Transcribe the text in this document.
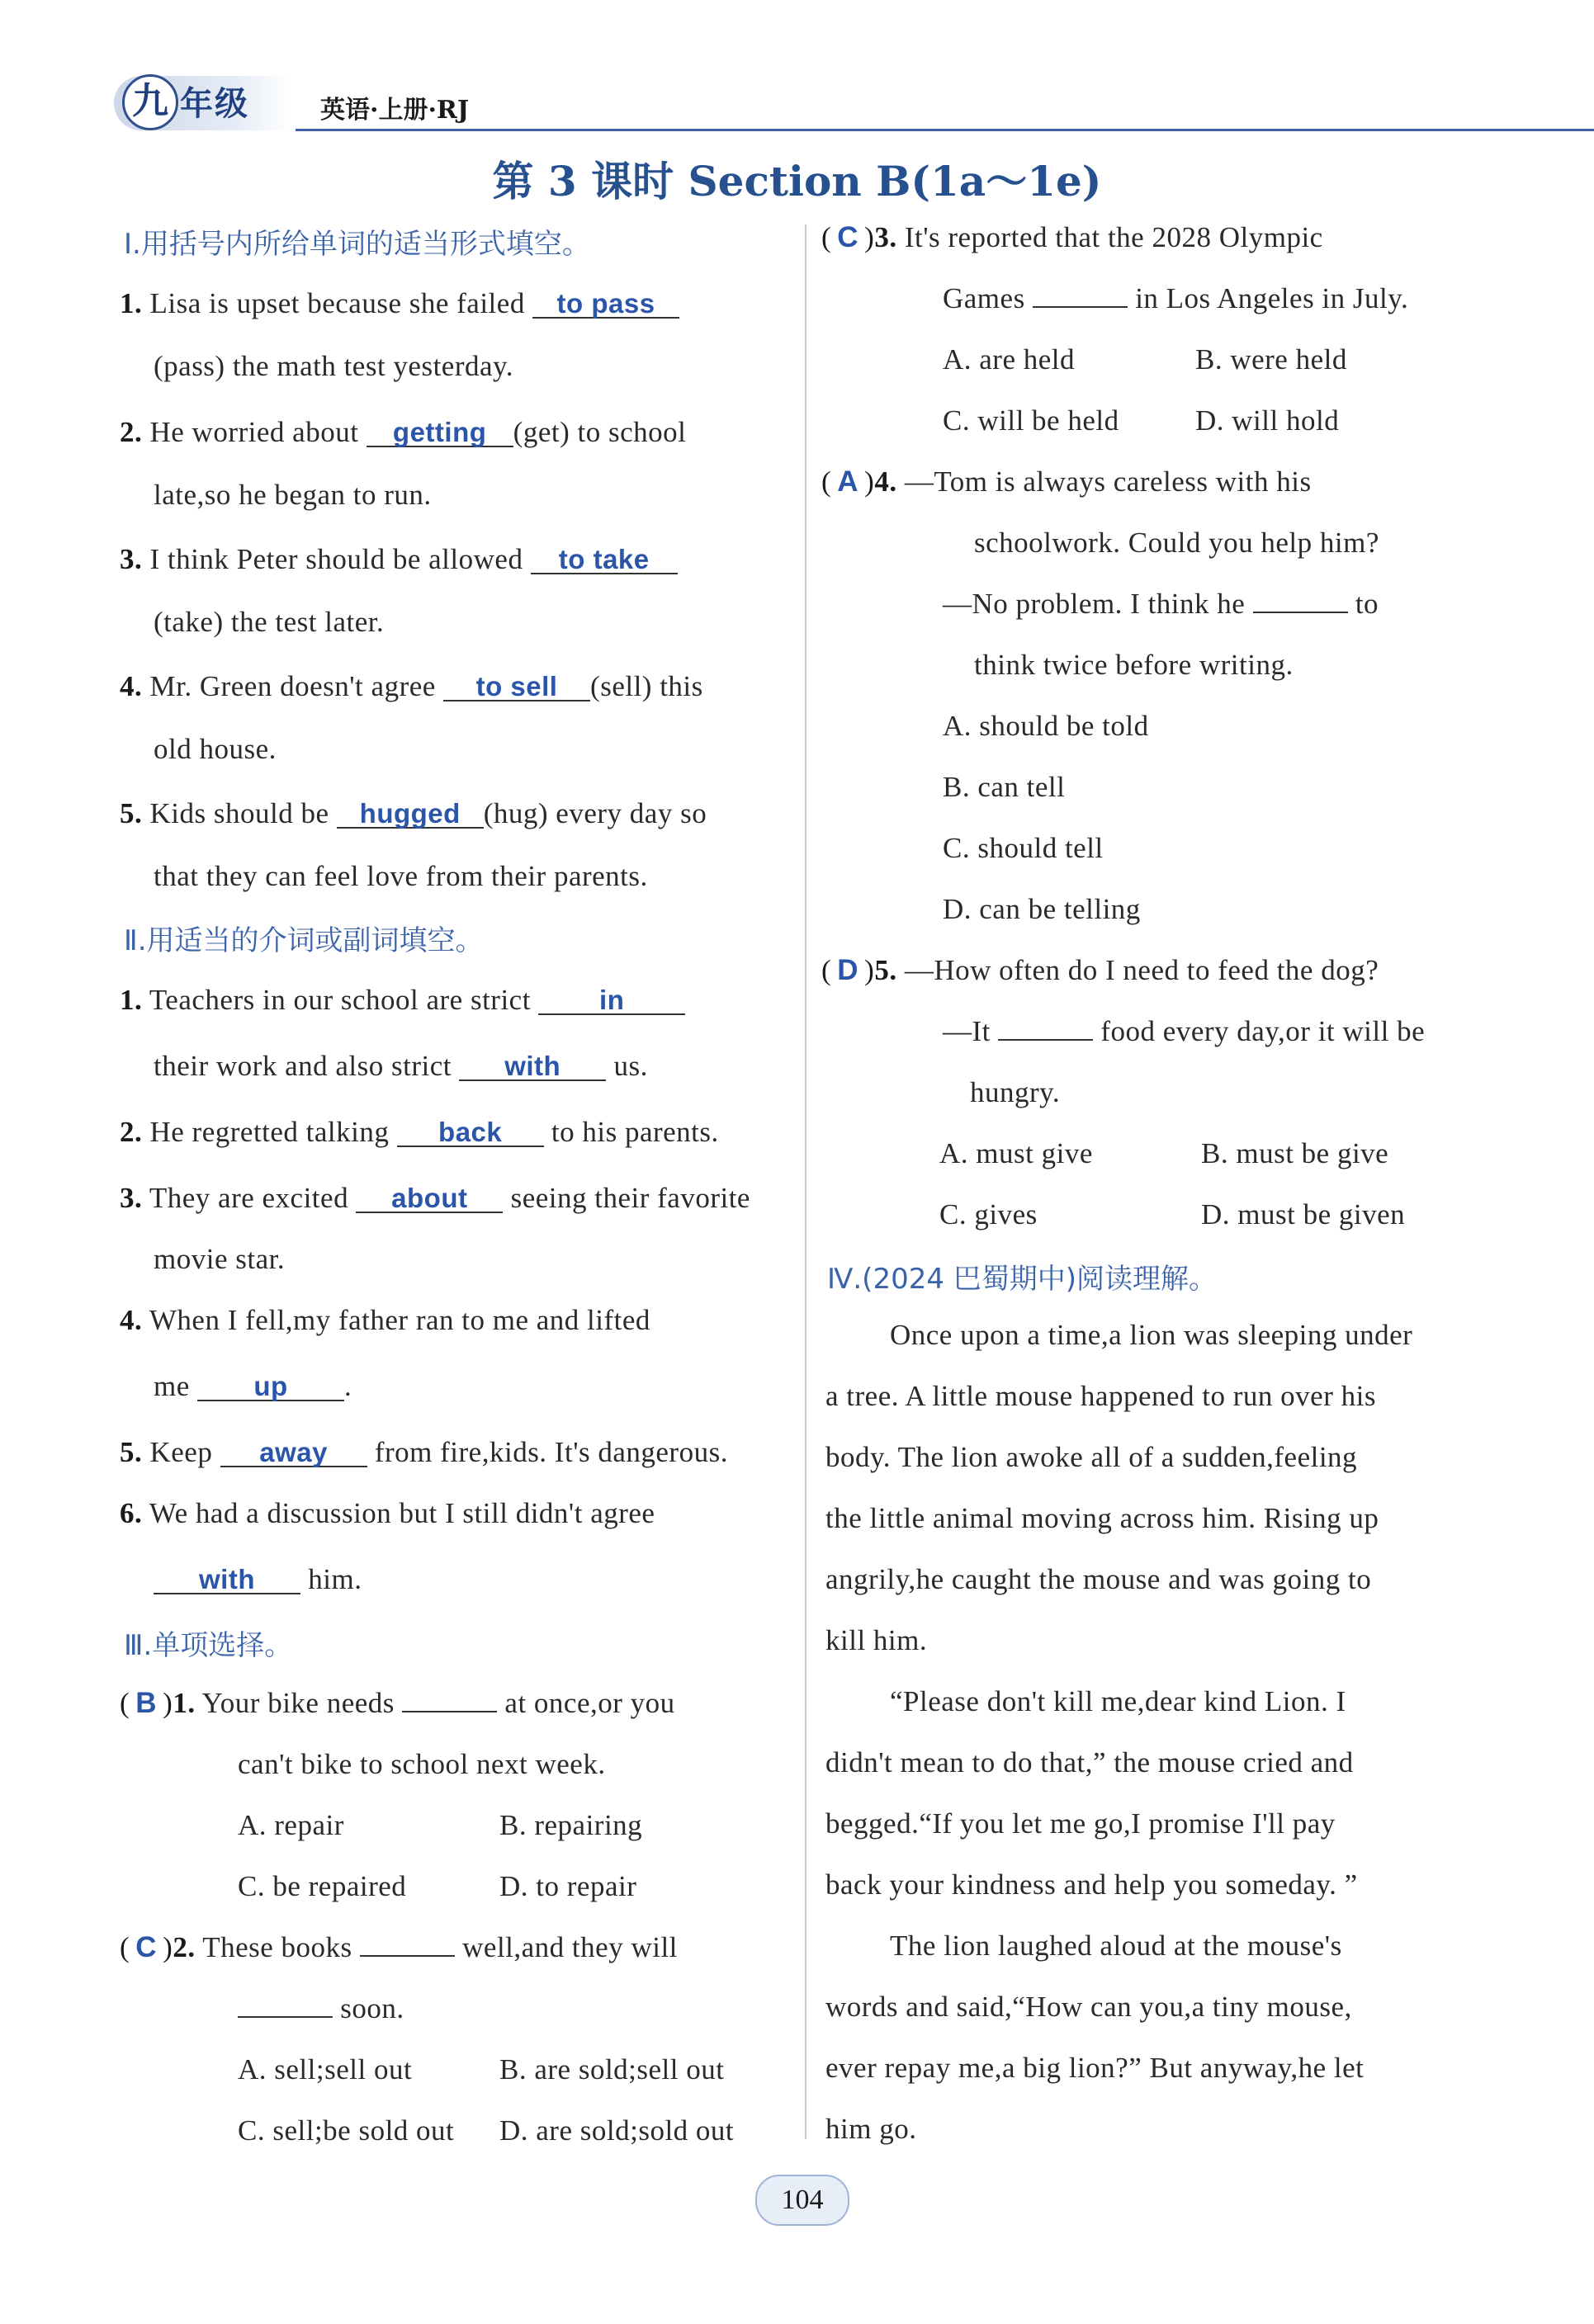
九 年级	英语·上册·RJ
第 3 课时 Section B(1a～1e)
Ⅰ.用括号内所给单词的适当形式填空。
1. Lisa is upset because she failed to pass
(pass) the math test yesterday.
2. He worried about getting (get) to school
late,so he began to run.
3. I think Peter should be allowed to take
(take) the test later.
4. Mr. Green doesn't agree to sell (sell) this
old house.
5. Kids should be hugged (hug) every day so
that they can feel love from their parents.
Ⅱ.用适当的介词或副词填空。
1. Teachers in our school are strict	in
their work and also strict with us.
2. He regretted talking back to his parents.
3. They are excited about seeing their favorite
movie star.
4. When I fell,my father ran to me and lifted
me up .
5. Keep away from fire,kids. It's dangerous.
6. We had a discussion but I still didn't agree
with him.
Ⅲ.单项选择。
( B )1. Your bike needs	at once,or you
can't bike to school next week.
A. repair	B. repairing
C. be repaired	D. to repair
( C )2. These books	well,and they will
soon.
A. sell;sell out	B. are sold;sell out
C. sell;be sold out D. are sold;sold out
( C )3. It's reported that the 2028 Olympic
Games	in Los Angeles in July.
A. are held	B. were held
C. will be held	D. will hold
( A )4. —Tom is always careless with his
schoolwork. Could you help him?
—No problem. I think he	to
think twice before writing.
A. should be told
B. can tell
C. should tell
D. can be telling
( D )5. —How often do I need to feed the dog?
—It	food every day,or it will be
hungry.
A. must give	B. must be give
C. gives	D. must be given
Ⅳ.(2024 巴蜀期中)阅读理解。
Once upon a time,a lion was sleeping under
a tree. A little mouse happened to run over his
body. The lion awoke all of a sudden,feeling
the little animal moving across him. Rising up
angrily,he caught the mouse and was going to
kill him.
“Please don't kill me,dear kind Lion. I
didn't mean to do that,” the mouse cried and
begged.“If you let me go,I promise I'll pay
back your kindness and help you someday. ”
The lion laughed aloud at the mouse's
words and said,“How can you,a tiny mouse,
ever repay me,a big lion?” But anyway,he let
him go.
104
